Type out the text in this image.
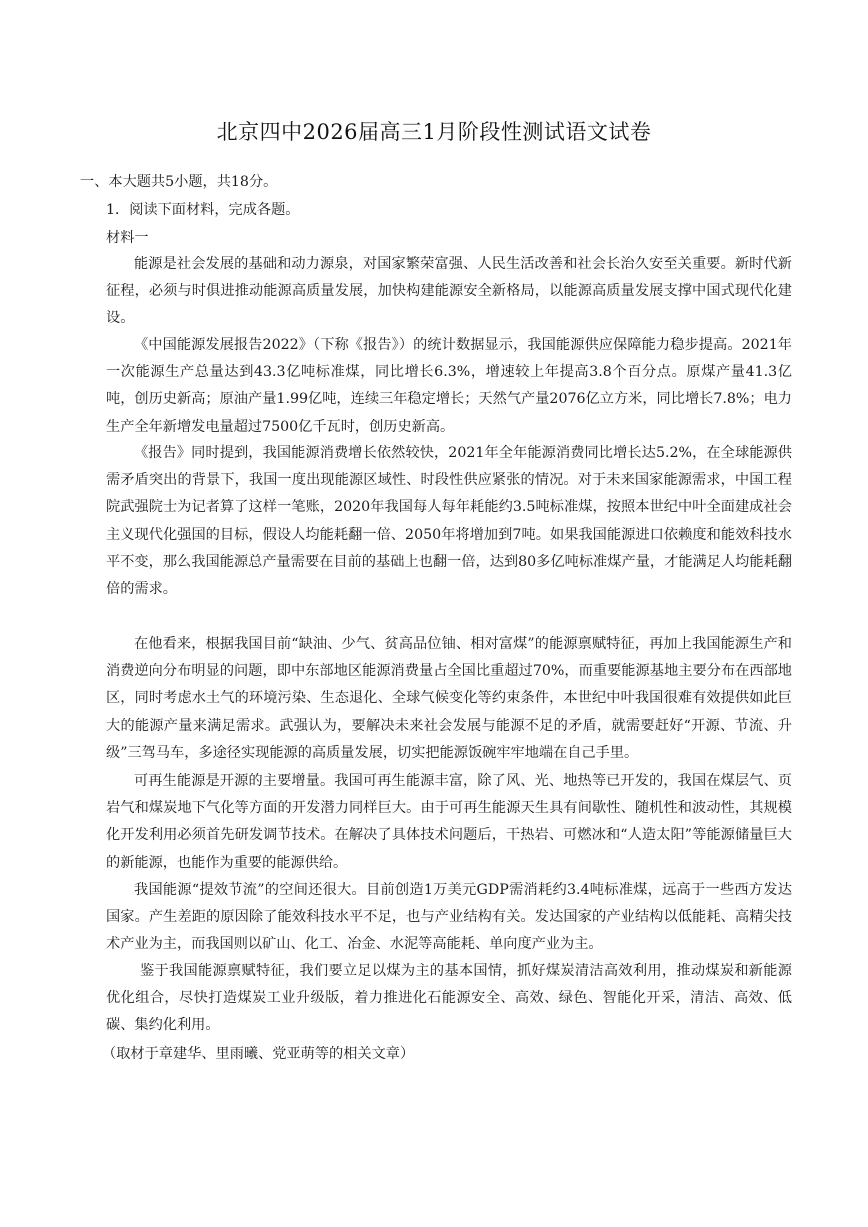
北京四中2026届高三1月阶段性测试语文试卷
一、本大题共5小题，共18分。
1．阅读下面材料，完成各题。
材料一
能源是社会发展的基础和动力源泉，对国家繁荣富强、人民生活改善和社会长治久安至关重要。新时代新征程，必须与时俱进推动能源高质量发展，加快构建能源安全新格局，以能源高质量发展支撑中国式现代化建设。
《中国能源发展报告2022》（下称《报告》）的统计数据显示，我国能源供应保障能力稳步提高。2021年一次能源生产总量达到43.3亿吨标准煤，同比增长6.3%，增速较上年提高3.8个百分点。原煤产量41.3亿吨，创历史新高；原油产量1.99亿吨，连续三年稳定增长；天然气产量2076亿立方米，同比增长7.8%；电力生产全年新增发电量超过7500亿千瓦时，创历史新高。
《报告》同时提到，我国能源消费增长依然较快，2021年全年能源消费同比增长达5.2%，在全球能源供需矛盾突出的背景下，我国一度出现能源区域性、时段性供应紧张的情况。对于未来国家能源需求，中国工程院武强院士为记者算了这样一笔账，2020年我国每人每年耗能约3.5吨标准煤，按照本世纪中叶全面建成社会主义现代化强国的目标，假设人均能耗翻一倍、2050年将增加到7吨。如果我国能源进口依赖度和能效科技水平不变，那么我国能源总产量需要在目前的基础上也翻一倍，达到80多亿吨标准煤产量，才能满足人均能耗翻倍的需求。
在他看来，根据我国目前“缺油、少气、贫高品位铀、相对富煤”的能源禀赋特征，再加上我国能源生产和消费逆向分布明显的问题，即中东部地区能源消费量占全国比重超过70%，而重要能源基地主要分布在西部地区，同时考虑水土气的环境污染、生态退化、全球气候变化等约束条件，本世纪中叶我国很难有效提供如此巨大的能源产量来满足需求。武强认为，要解决未来社会发展与能源不足的矛盾，就需要赶好“开源、节流、升级”三驾马车，多途径实现能源的高质量发展，切实把能源饭碗牢牢地端在自己手里。
可再生能源是开源的主要增量。我国可再生能源丰富，除了风、光、地热等已开发的，我国在煤层气、页岩气和煤炭地下气化等方面的开发潜力同样巨大。由于可再生能源天生具有间歇性、随机性和波动性，其规模化开发利用必须首先研发调节技术。在解决了具体技术问题后，干热岩、可燃冰和“人造太阳”等能源储量巨大的新能源，也能作为重要的能源供给。
我国能源“提效节流”的空间还很大。目前创造1万美元GDP需消耗约3.4吨标准煤，远高于一些西方发达国家。产生差距的原因除了能效科技水平不足，也与产业结构有关。发达国家的产业结构以低能耗、高精尖技术产业为主，而我国则以矿山、化工、冶金、水泥等高能耗、单向度产业为主。
鉴于我国能源禀赋特征，我们要立足以煤为主的基本国情，抓好煤炭清洁高效利用，推动煤炭和新能源优化组合，尽快打造煤炭工业升级版，着力推进化石能源安全、高效、绿色、智能化开采，清洁、高效、低碳、集约化利用。
（取材于章建华、里雨曦、党亚萌等的相关文章）
